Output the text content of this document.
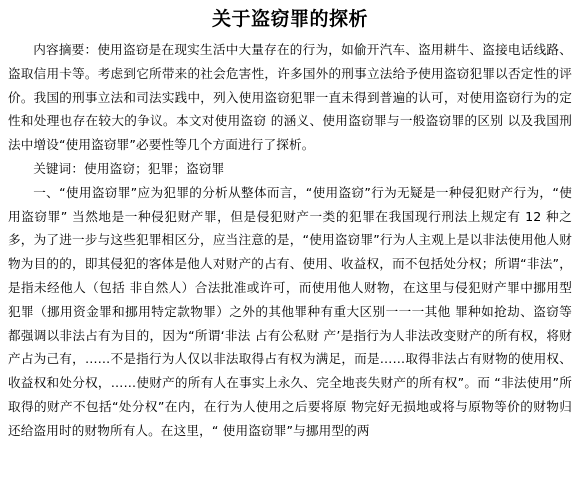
关于盗窃罪的探析

内容摘要：使用盗窃是在现实生活中大量存在的行为，如偷开汽车、盗用耕牛、盗接电话线路、盗取信用卡等。考虑到它所带来的社会危害性，许多国外的刑事立法给予使用盗窃犯罪以否定性的评价。我国的刑事立法和司法实践中，列入使用盗窃犯罪一直未得到普遍的认可，对使用盗窃行为的定性和处理也存在较大的争议。本文对使用盗窃 的涵义、使用盗窃罪与一般盗窃罪的区别 以及我国刑法中增设“使用盗窃罪”必要性等几个方面进行了探析。

关键词：使用盗窃；犯罪；盗窃罪

一、“使用盗窃罪”应为犯罪的分析从整体而言，“使用盗窃”行为无疑是一种侵犯财产行为，“使用盗窃罪” 当然地是一种侵犯财产罪，但是侵犯财产一类的犯罪在我国现行刑法上规定有 12 种之多，为了进一步与这些犯罪相区分，应当注意的是，“使用盗窃罪”行为人主观上是以非法使用他人财物为目的的，即其侵犯的客体是他人对财产的占有、使用、收益权，而不包括处分权；所谓“非法”，是指未经他人（包括 非自然人）合法批准或许可，而使用他人财物，在这里与侵犯财产罪中挪用型犯罪（挪用资金罪和挪用特定款物罪）之外的其他罪种有重大区别一一一其他 罪种如抢劫、盗窃等都强调以非法占有为目的，因为“所谓‘非法 占有公私财 产’是指行为人非法改变财产的所有权，将财产占为己有，……不是指行为人仅以非法取得占有权为满足，而是……取得非法占有财物的使用权、收益权和处分权，……使财产的所有人在事实上永久、完全地丧失财产的所有权”。而 “非法使用”所取得的财产不包括“处分权”在内，在行为人使用之后要将原 物完好无损地或将与原物等价的财物归还给盗用时的财物所有人。在这里，“ 使用盗窃罪”与挪用型的两
